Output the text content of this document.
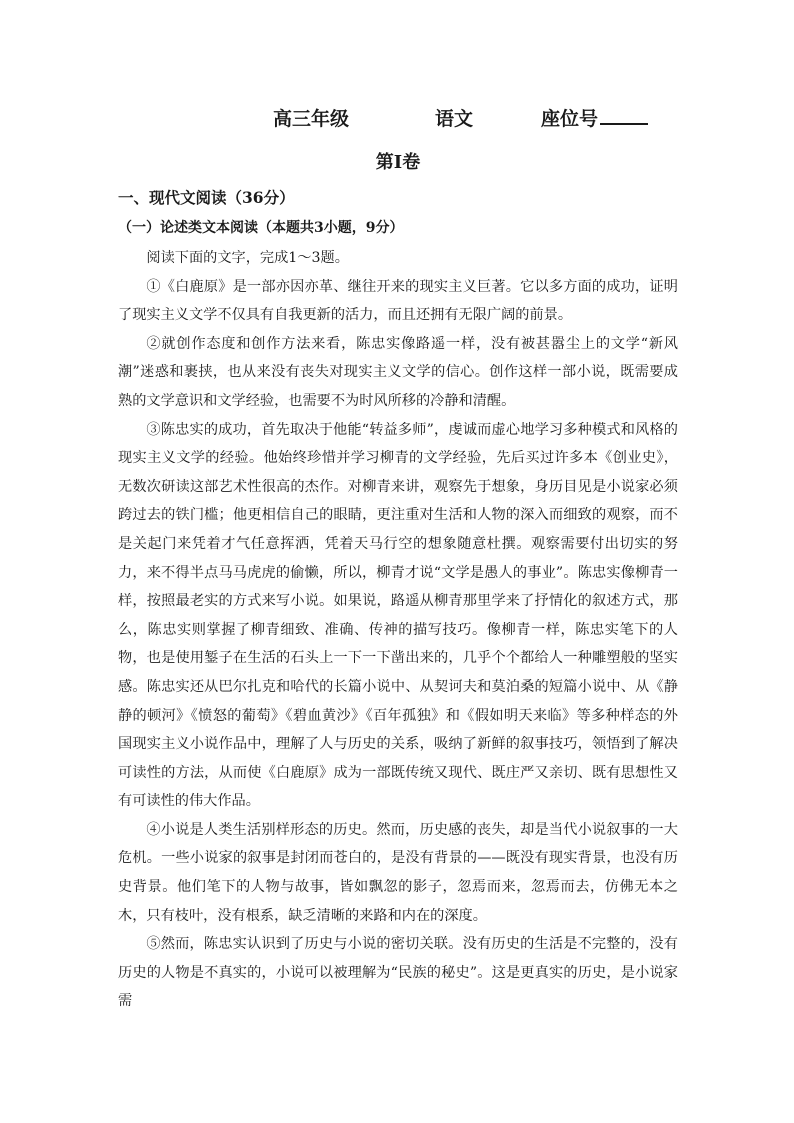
高三年级	语文	座位号
第Ⅰ卷
一、现代文阅读（36分）
（一）论述类文本阅读（本题共3小题，9分）

阅读下面的文字，完成1～3题。

①《白鹿原》是一部亦因亦革、继往开来的现实主义巨著。它以多方面的成功，证明了现实主义文学不仅具有自我更新的活力，而且还拥有无限广阔的前景。

②就创作态度和创作方法来看，陈忠实像路遥一样，没有被甚嚣尘上的文学“新风潮”迷惑和裹挟，也从来没有丧失对现实主义文学的信心。创作这样一部小说，既需要成熟的文学意识和文学经验，也需要不为时风所移的冷静和清醒。

③陈忠实的成功，首先取决于他能“转益多师”，虔诚而虚心地学习多种模式和风格的现实主义文学的经验。他始终珍惜并学习柳青的文学经验，先后买过许多本《创业史》，无数次研读这部艺术性很高的杰作。对柳青来讲，观察先于想象，身历目见是小说家必须跨过去的铁门槛；他更相信自己的眼睛，更注重对生活和人物的深入而细致的观察，而不是关起门来凭着才气任意挥洒，凭着天马行空的想象随意杜撰。观察需要付出切实的努力，来不得半点马马虎虎的偷懒，所以，柳青才说“文学是愚人的事业”。陈忠实像柳青一样，按照最老实的方式来写小说。如果说，路遥从柳青那里学来了抒情化的叙述方式，那么，陈忠实则掌握了柳青细致、准确、传神的描写技巧。像柳青一样，陈忠实笔下的人物，也是使用錾子在生活的石头上一下一下凿出来的，几乎个个都给人一种雕塑般的坚实感。陈忠实还从巴尔扎克和哈代的长篇小说中、从契诃夫和莫泊桑的短篇小说中、从《静静的顿河》《愤怒的葡萄》《碧血黄沙》《百年孤独》和《假如明天来临》等多种样态的外国现实主义小说作品中，理解了人与历史的关系，吸纳了新鲜的叙事技巧，领悟到了解决可读性的方法，从而使《白鹿原》成为一部既传统又现代、既庄严又亲切、既有思想性又有可读性的伟大作品。

④小说是人类生活别样形态的历史。然而，历史感的丧失，却是当代小说叙事的一大危机。一些小说家的叙事是封闭而苍白的，是没有背景的——既没有现实背景，也没有历史背景。他们笔下的人物与故事，皆如飘忽的影子，忽焉而来，忽焉而去，仿佛无本之木，只有枝叶，没有根系，缺乏清晰的来路和内在的深度。

⑤然而，陈忠实认识到了历史与小说的密切关联。没有历史的生活是不完整的，没有历史的人物是不真实的，小说可以被理解为“民族的秘史”。这是更真实的历史，是小说家需
